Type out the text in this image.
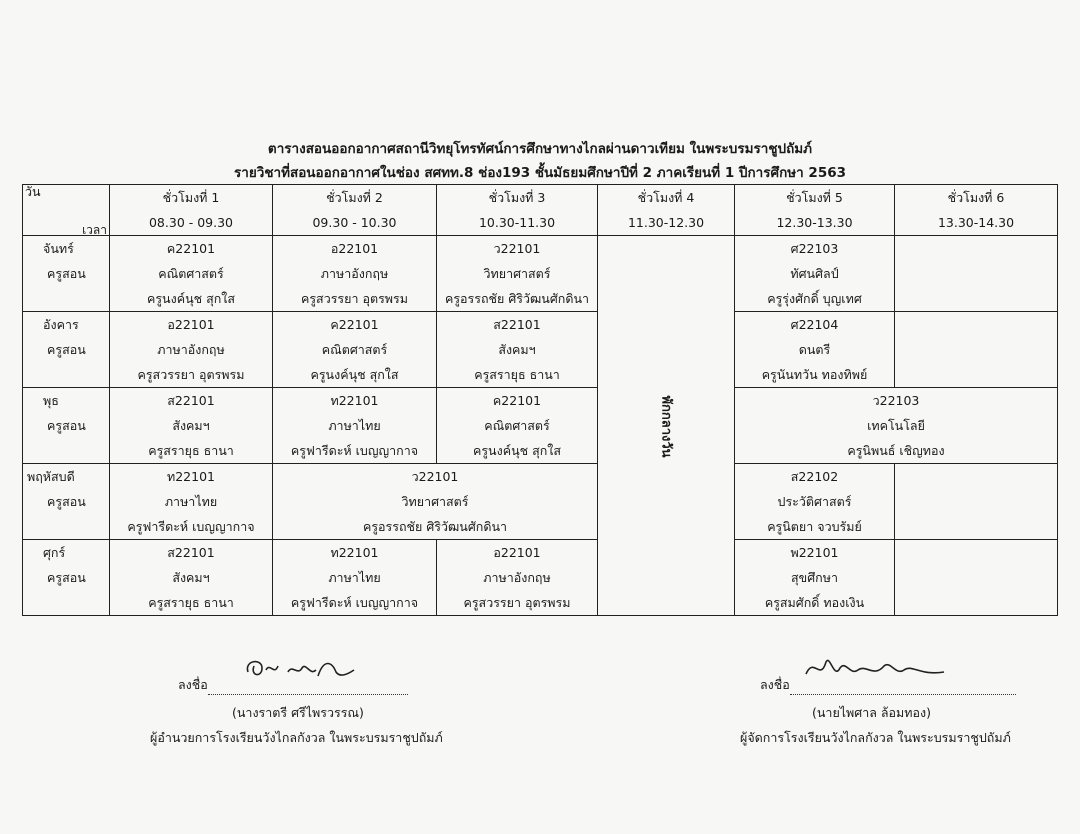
ตารางสอนออกอากาศสถานีวิทยุโทรทัศน์การศึกษาทางไกลผ่านดาวเทียม ในพระบรมราชูปถัมภ์
รายวิชาที่สอนออกอากาศในช่อง สศทท.8 ช่อง193 ชั้นมัธยมศึกษาปีที่ 2 ภาคเรียนที่ 1 ปีการศึกษา 2563
วัน	ชั่วโมงที่ 1	ชั่วโมงที่ 2	ชั่วโมงที่ 3	ชั่วโมงที่ 4	ชั่วโมงที่ 5	ชั่วโมงที่ 6

เวลา	08.30 - 09.30	09.30 - 10.30	10.30-11.30	11.30-12.30	12.30-13.30	13.30-14.30
จันทร์	ค22101	อ22101	ว22101	พักกลางวัน	ศ22103	
ครูสอน	คณิตศาสตร์	ภาษาอังกฤษ	วิทยาศาสตร์		ทัศนศิลป์	
	ครูนงค์นุช สุกใส	ครูสวรรยา อุตรพรม	ครูอรรถชัย ศิริวัฒนศักดินา		ครูรุ่งศักดิ์ บุญเทศ	
อังคาร	อ22101	ค22101	ส22101		ศ22104	
ครูสอน	ภาษาอังกฤษ	คณิตศาสตร์	สังคมฯ		ดนตรี	
	ครูสวรรยา อุตรพรม	ครูนงค์นุช สุกใส	ครูสรายุธ ธานา		ครูนันทวัน ทองทิพย์	
พุธ	ส22101	ท22101	ค22101		ว22103	
ครูสอน	สังคมฯ	ภาษาไทย	คณิตศาสตร์		เทคโนโลยี	
	ครูสรายุธ ธานา	ครูฟารีดะห์ เบญญากาจ	ครูนงค์นุช สุกใส		ครูนิพนธ์ เชิญทอง	
พฤหัสบดี	ท22101	ว22101			ส22102	
ครูสอน	ภาษาไทย	วิทยาศาสตร์			ประวัติศาสตร์	
	ครูฟารีดะห์ เบญญากาจ	ครูอรรถชัย ศิริวัฒนศักดินา			ครูนิตยา จวบรัมย์	
ศุกร์	ส22101	ท22101	อ22101		พ22101	
ครูสอน	สังคมฯ	ภาษาไทย	ภาษาอังกฤษ		สุขศึกษา	
	ครูสรายุธ ธานา	ครูฟารีดะห์ เบญญากาจ	ครูสวรรยา อุตรพรม		ครูสมศักดิ์ ทองเงิน	
ลงชื่อ
(นางราตรี ศรีไพรวรรณ)
ผู้อำนวยการโรงเรียนวังไกลกังวล ในพระบรมราชูปถัมภ์
ลงชื่อ
(นายไพศาล ล้อมทอง)
ผู้จัดการโรงเรียนวังไกลกังวล ในพระบรมราชูปถัมภ์
